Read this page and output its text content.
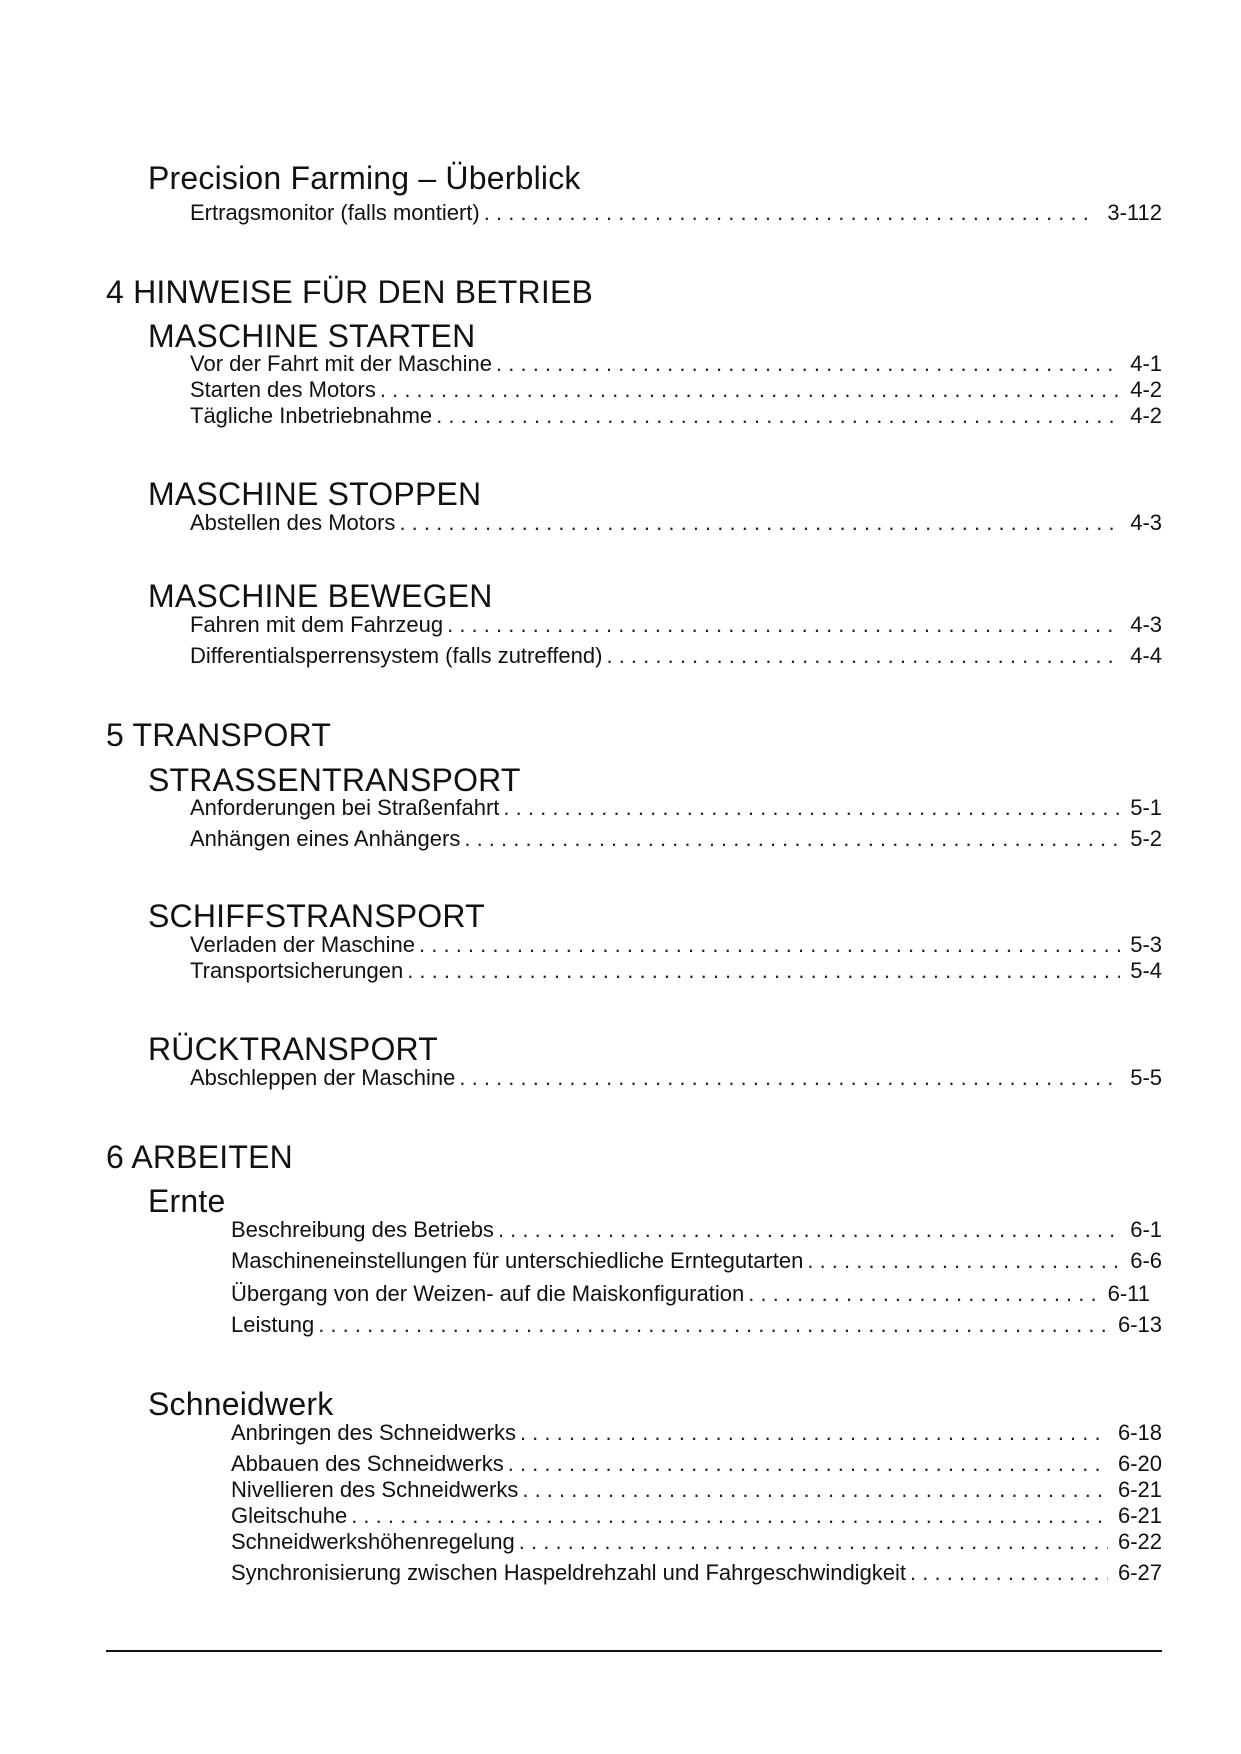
Precision Farming – Überblick
Ertragsmonitor (falls montiert) . . .	3-112
4 HINWEISE FÜR DEN BETRIEB
MASCHINE STARTEN
Vor der Fahrt mit der Maschine . . .	4-1
Starten des Motors . . .	4-2
Tägliche Inbetriebnahme . . .	4-2
MASCHINE STOPPEN
Abstellen des Motors . . .	4-3
MASCHINE BEWEGEN
Fahren mit dem Fahrzeug . . .	4-3
Differentialsperrensystem (falls zutreffend) . . .	4-4
5 TRANSPORT
STRASSENTRANSPORT
Anforderungen bei Straßenfahrt . . .	5-1
Anhängen eines Anhängers . . .	5-2
SCHIFFSTRANSPORT
Verladen der Maschine . . .	5-3
Transportsicherungen . . .	5-4
RÜCKTRANSPORT
Abschleppen der Maschine . . .	5-5
6 ARBEITEN
Ernte
Beschreibung des Betriebs . . .	6-1
Maschineneinstellungen für unterschiedliche Erntegutarten . . .	6-6
Übergang von der Weizen- auf die Maiskonfiguration . . .	6-11
Leistung . . .	6-13
Schneidwerk
Anbringen des Schneidwerks . . .	6-18
Abbauen des Schneidwerks . . .	6-20
Nivellieren des Schneidwerks . . .	6-21
Gleitschuhe . . .	6-21
Schneidwerkshöhenregelung . . .	6-22
Synchronisierung zwischen Haspeldrehzahl und Fahrgeschwindigkeit . . .	6-27
